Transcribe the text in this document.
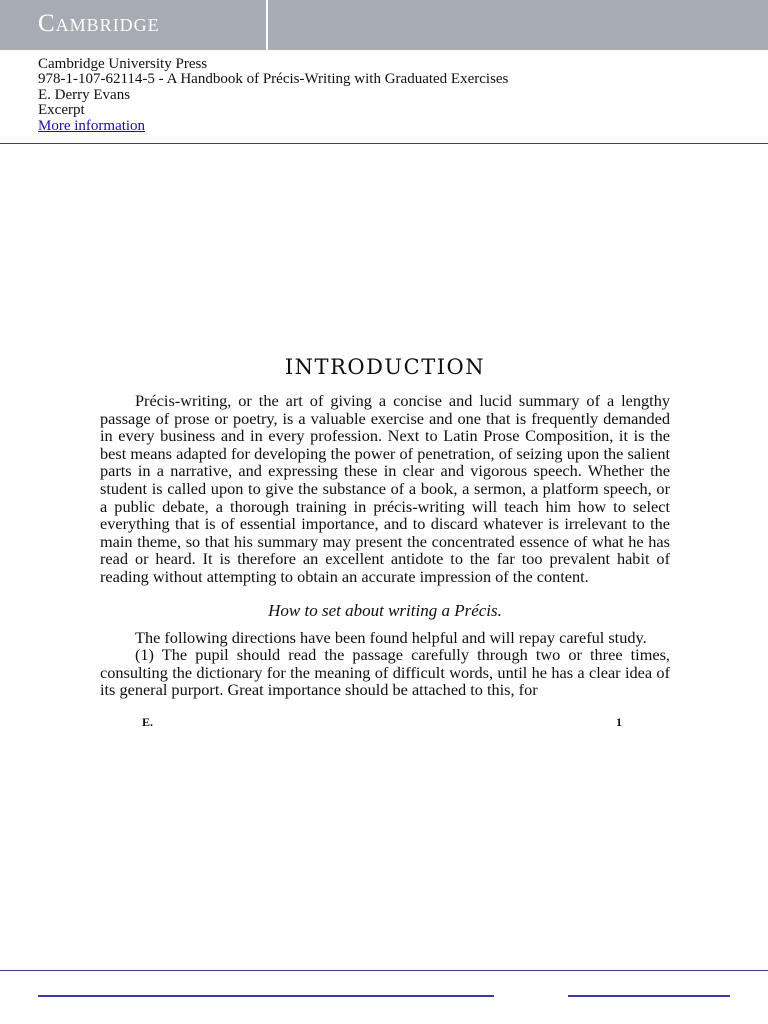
Cambridge
Cambridge University Press
978-1-107-62114-5 - A Handbook of Précis-Writing with Graduated Exercises
E. Derry Evans
Excerpt
More information
INTRODUCTION

Précis-writing, or the art of giving a concise and lucid summary of a lengthy passage of prose or poetry, is a valuable exercise and one that is frequently demanded in every business and in every profession. Next to Latin Prose Composition, it is the best means adapted for developing the power of penetration, of seizing upon the salient parts in a narrative, and expressing these in clear and vigorous speech. Whether the student is called upon to give the substance of a book, a sermon, a platform speech, or a public debate, a thorough training in précis-writing will teach him how to select everything that is of essential importance, and to discard whatever is irrelevant to the main theme, so that his summary may present the concentrated essence of what he has read or heard. It is therefore an excellent antidote to the far too prevalent habit of reading without attempting to obtain an accurate impression of the content.

How to set about writing a Précis.

The following directions have been found helpful and will repay careful study.

(1) The pupil should read the passage carefully through two or three times, consulting the dictionary for the meaning of difficult words, until he has a clear idea of its general purport. Great importance should be attached to this, for

E.	1
